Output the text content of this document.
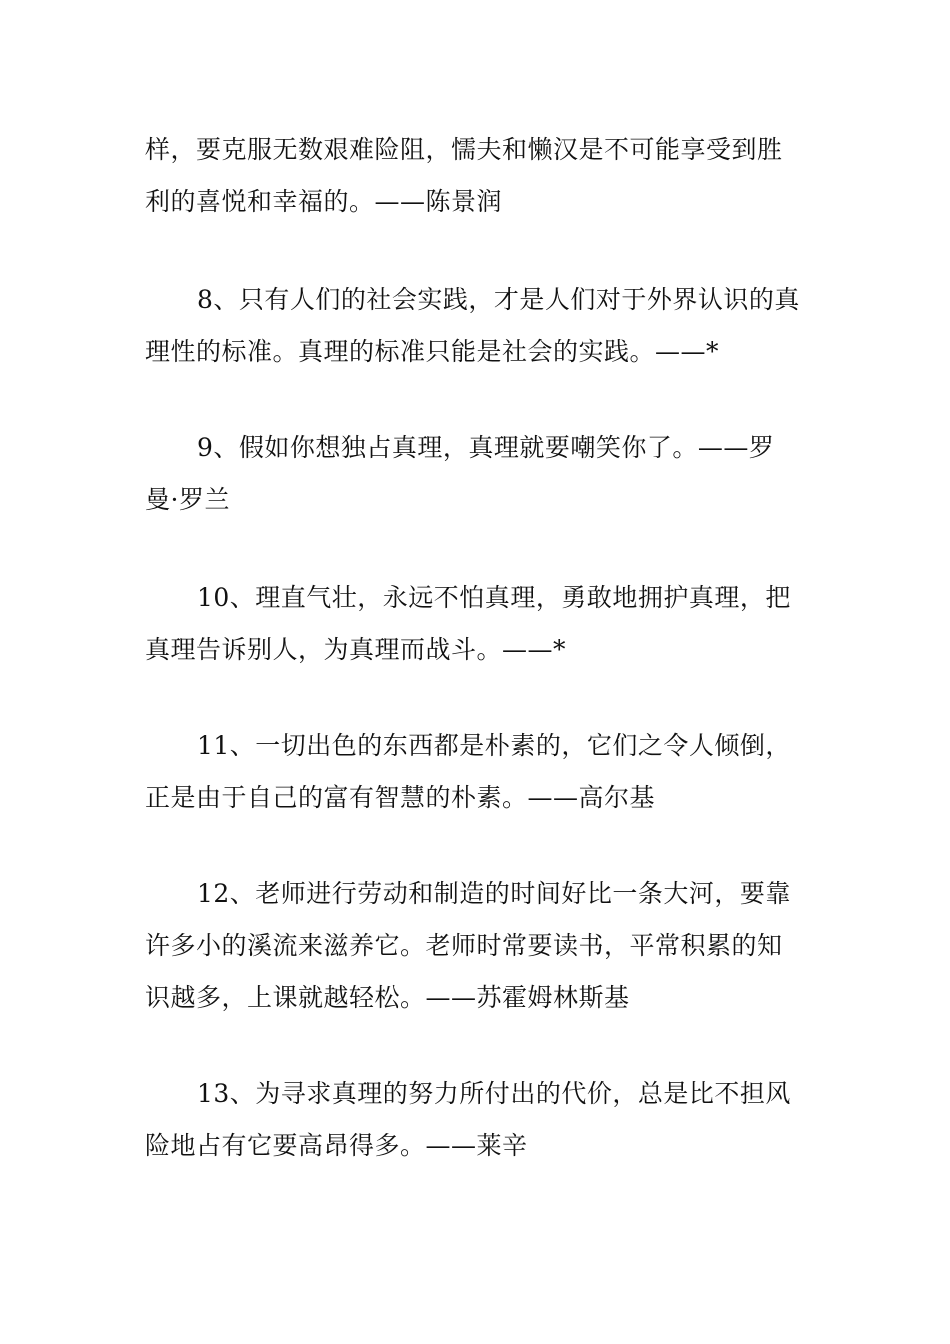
样，要克服无数艰难险阻，懦夫和懒汉是不可能享受到胜
利的喜悦和幸福的。——陈景润

8、只有人们的社会实践，才是人们对于外界认识的真
理性的标准。真理的标准只能是社会的实践。——*

9、假如你想独占真理，真理就要嘲笑你了。——罗
曼·罗兰

10、理直气壮，永远不怕真理，勇敢地拥护真理，把
真理告诉别人，为真理而战斗。——*

11、一切出色的东西都是朴素的，它们之令人倾倒，
正是由于自己的富有智慧的朴素。——高尔基

12、老师进行劳动和制造的时间好比一条大河，要靠
许多小的溪流来滋养它。老师时常要读书，平常积累的知
识越多，上课就越轻松。——苏霍姆林斯基

13、为寻求真理的努力所付出的代价，总是比不担风
险地占有它要高昂得多。——莱辛
